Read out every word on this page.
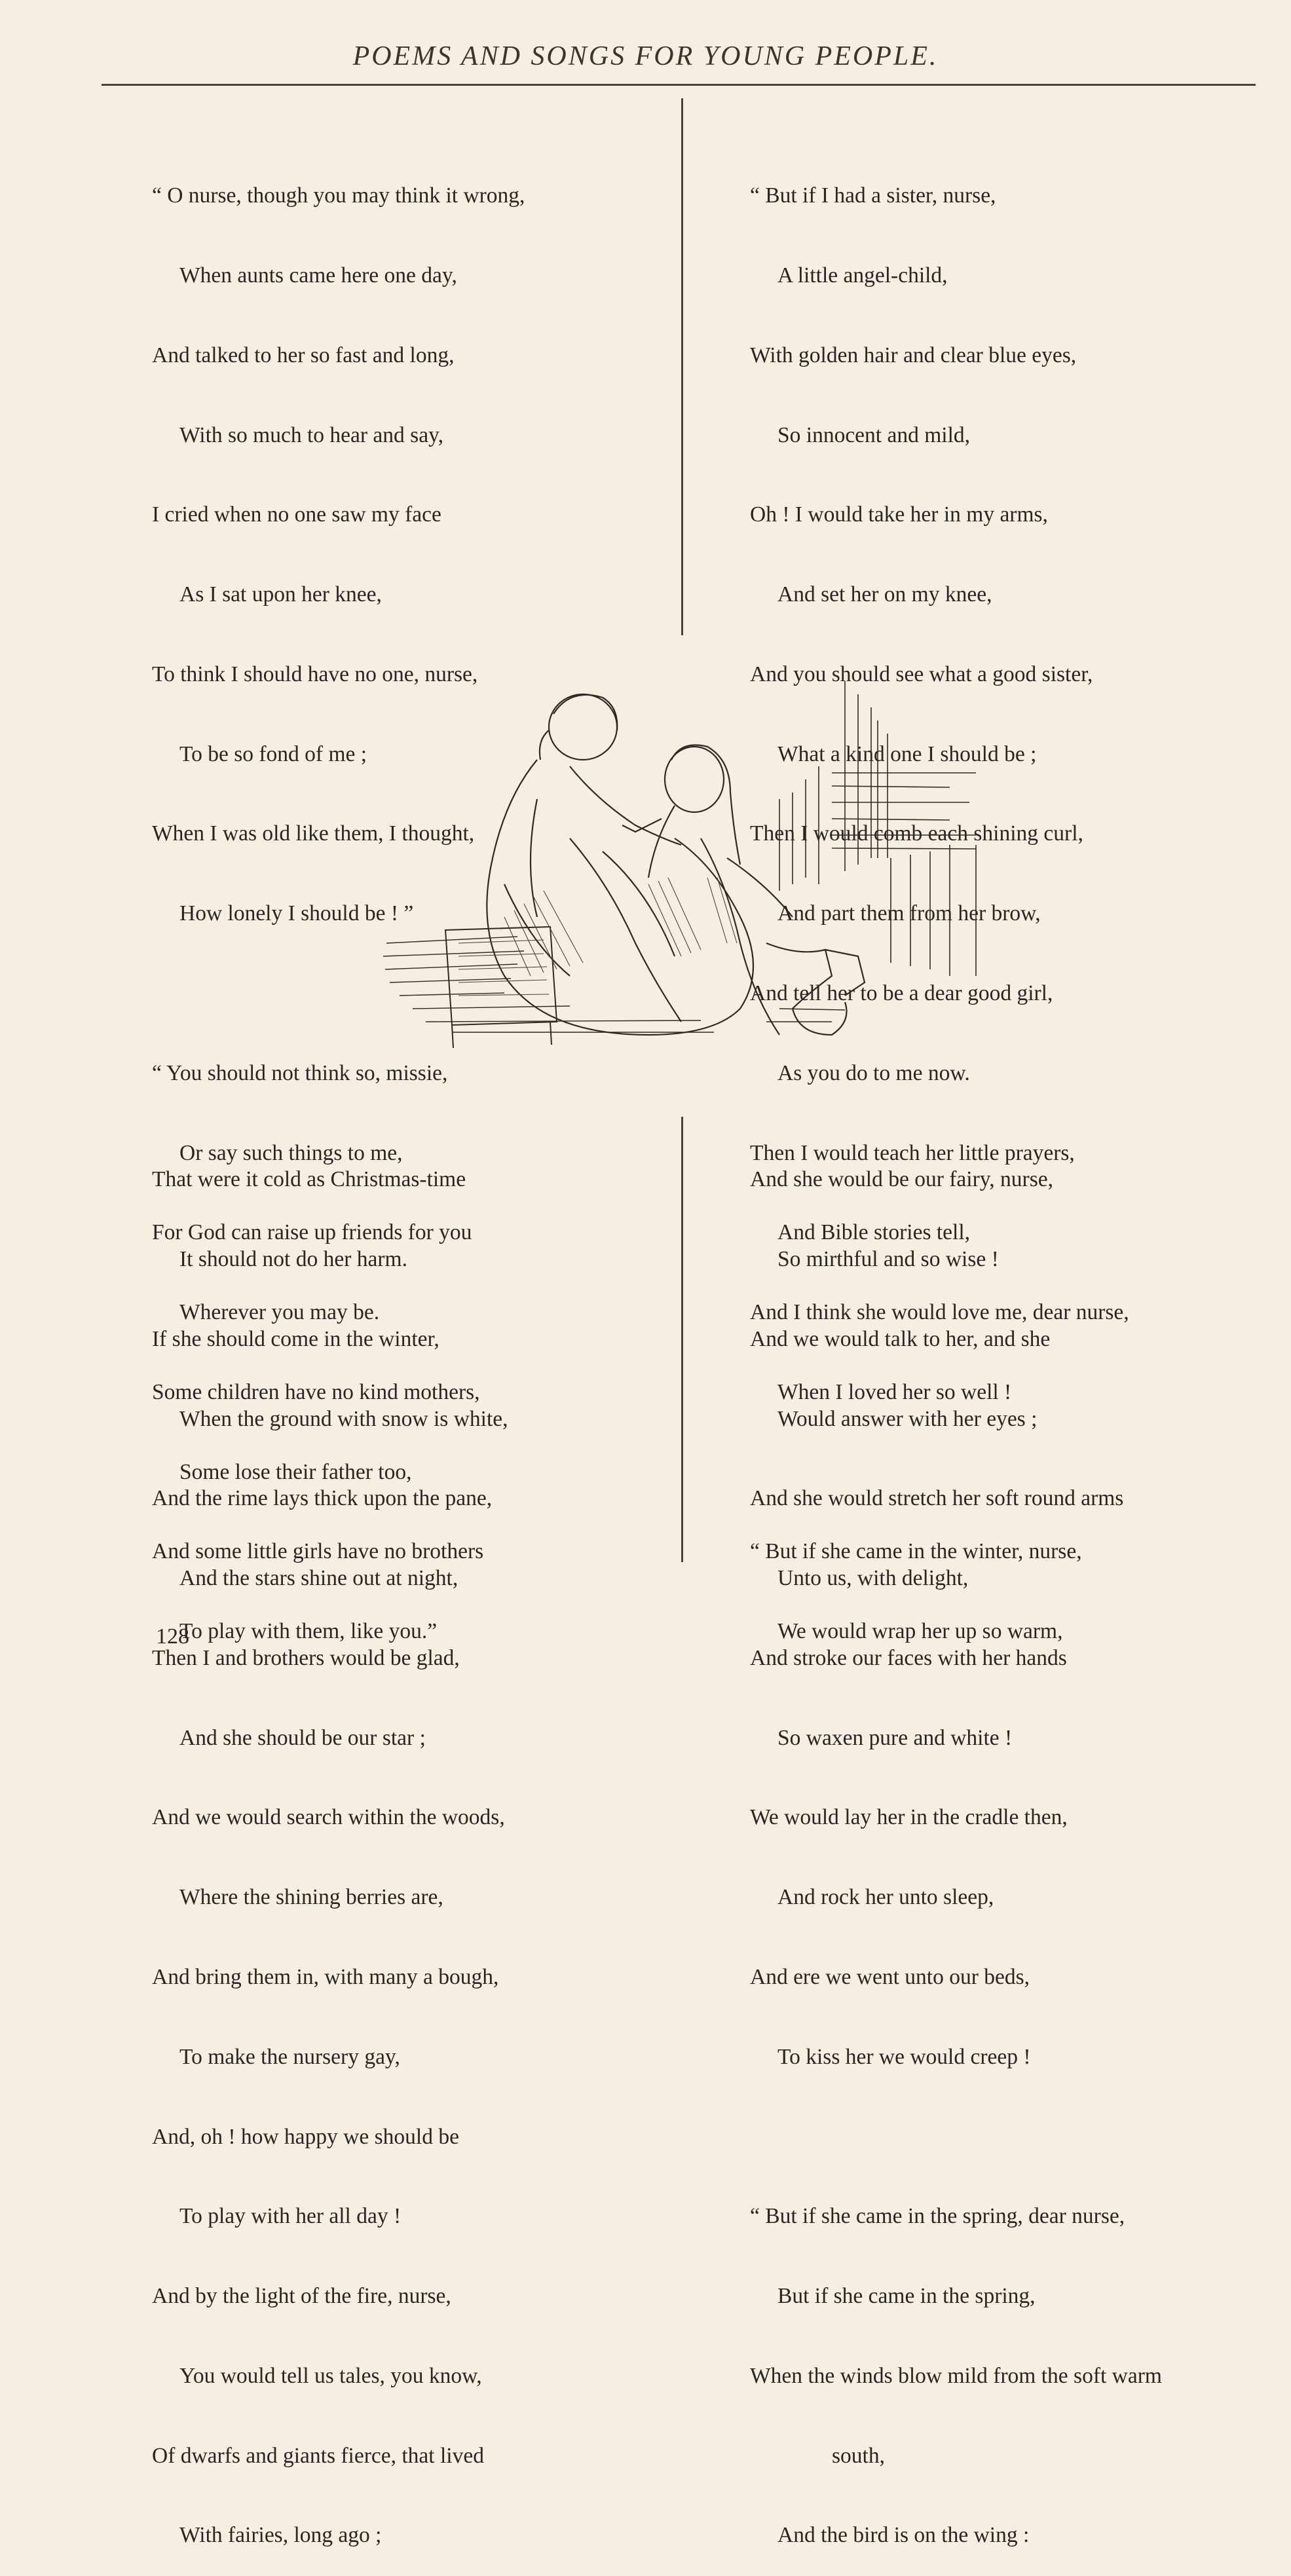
POEMS AND SONGS FOR YOUNG PEOPLE.

“ O nurse, though you may think it wrong,

When aunts came here one day,

And talked to her so fast and long,

With so much to hear and say,

I cried when no one saw my face

As I sat upon her knee,

To think I should have no one, nurse,

To be so fond of me ;

When I was old like them, I thought,

How lonely I should be ! ”

“ You should not think so, missie,

Or say such things to me,

For God can raise up friends for you

Wherever you may be.

Some children have no kind mothers,

Some lose their father too,

And some little girls have no brothers

To play with them, like you.”

“ But if I had a sister, nurse,

A little angel-child,

With golden hair and clear blue eyes,

So innocent and mild,

Oh ! I would take her in my arms,

And set her on my knee,

And you should see what a good sister,

What a kind one I should be ;

Then I would comb each shining curl,

And part them from her brow,

And tell her to be a dear good girl,

As you do to me now.

Then I would teach her little prayers,

And Bible stories tell,

And I think she would love me, dear nurse,

When I loved her so well !

“ But if she came in the winter, nurse,

We would wrap her up so warm,

That were it cold as Christmas-time

It should not do her harm.

If she should come in the winter,

When the ground with snow is white,

And the rime lays thick upon the pane,

And the stars shine out at night,

Then I and brothers would be glad,

And she should be our star ;

And we would search within the woods,

Where the shining berries are,

And bring them in, with many a bough,

To make the nursery gay,

And, oh ! how happy we should be

To play with her all day !

And by the light of the fire, nurse,

You would tell us tales, you know,

Of dwarfs and giants fierce, that lived

With fairies, long ago ;

And she would be our fairy, nurse,

So mirthful and so wise !

And we would talk to her, and she

Would answer with her eyes ;

And she would stretch her soft round arms

Unto us, with delight,

And stroke our faces with her hands

So waxen pure and white !

We would lay her in the cradle then,

And rock her unto sleep,

And ere we went unto our beds,

To kiss her we would creep !

“ But if she came in the spring, dear nurse,

But if she came in the spring,

When the winds blow mild from the soft warm

south,

And the bird is on the wing :

128
